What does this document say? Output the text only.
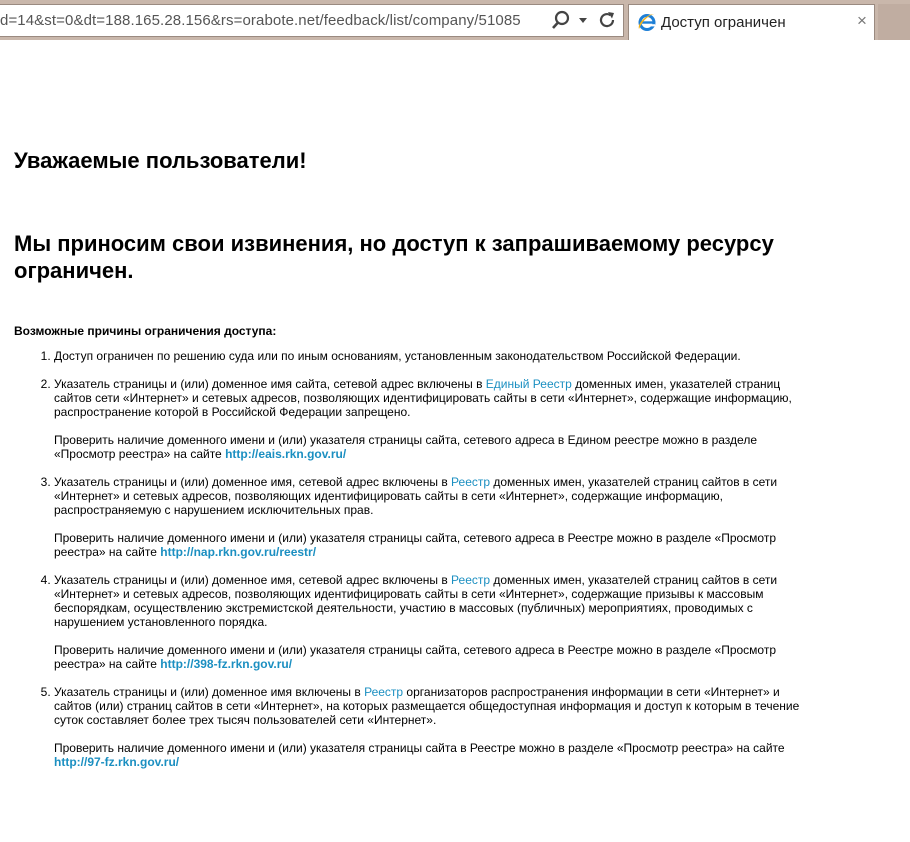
d=14&st=0&dt=188.165.28.156&rs=orabote.net/feedback/list/company/51085	Доступ ограничен	×
Уважаемые пользователи!
Мы приносим свои извинения, но доступ к запрашиваемому ресурсу ограничен.
Возможные причины ограничения доступа:

1. Доступ ограничен по решению суда или по иным основаниям, установленным законодательством Российской Федерации.

2. Указатель страницы и (или) доменное имя сайта, сетевой адрес включены в Единый Реестр доменных имен, указателей страниц сайтов сети «Интернет» и сетевых адресов, позволяющих идентифицировать сайты в сети «Интернет», содержащие информацию, распространение которой в Российской Федерации запрещено.

Проверить наличие доменного имени и (или) указателя страницы сайта, сетевого адреса в Едином реестре можно в разделе «Просмотр реестра» на сайте http://eais.rkn.gov.ru/

3. Указатель страницы и (или) доменное имя, сетевой адрес включены в Реестр доменных имен, указателей страниц сайтов в сети «Интернет» и сетевых адресов, позволяющих идентифицировать сайты в сети «Интернет», содержащие информацию, распространяемую с нарушением исключительных прав.

Проверить наличие доменного имени и (или) указателя страницы сайта, сетевого адреса в Реестре можно в разделе «Просмотр реестра» на сайте http://nap.rkn.gov.ru/reestr/

4. Указатель страницы и (или) доменное имя, сетевой адрес включены в Реестр доменных имен, указателей страниц сайтов в сети «Интернет» и сетевых адресов, позволяющих идентифицировать сайты в сети «Интернет», содержащие призывы к массовым беспорядкам, осуществлению экстремистской деятельности, участию в массовых (публичных) мероприятиях, проводимых с нарушением установленного порядка.

Проверить наличие доменного имени и (или) указателя страницы сайта, сетевого адреса в Реестре можно в разделе «Просмотр реестра» на сайте http://398-fz.rkn.gov.ru/

5. Указатель страницы и (или) доменное имя включены в Реестр организаторов распространения информации в сети «Интернет» и сайтов (или) страниц сайтов в сети «Интернет», на которых размещается общедоступная информация и доступ к которым в течение суток составляет более трех тысяч пользователей сети «Интернет».

Проверить наличие доменного имени и (или) указателя страницы сайта в Реестре можно в разделе «Просмотр реестра» на сайте http://97-fz.rkn.gov.ru/
